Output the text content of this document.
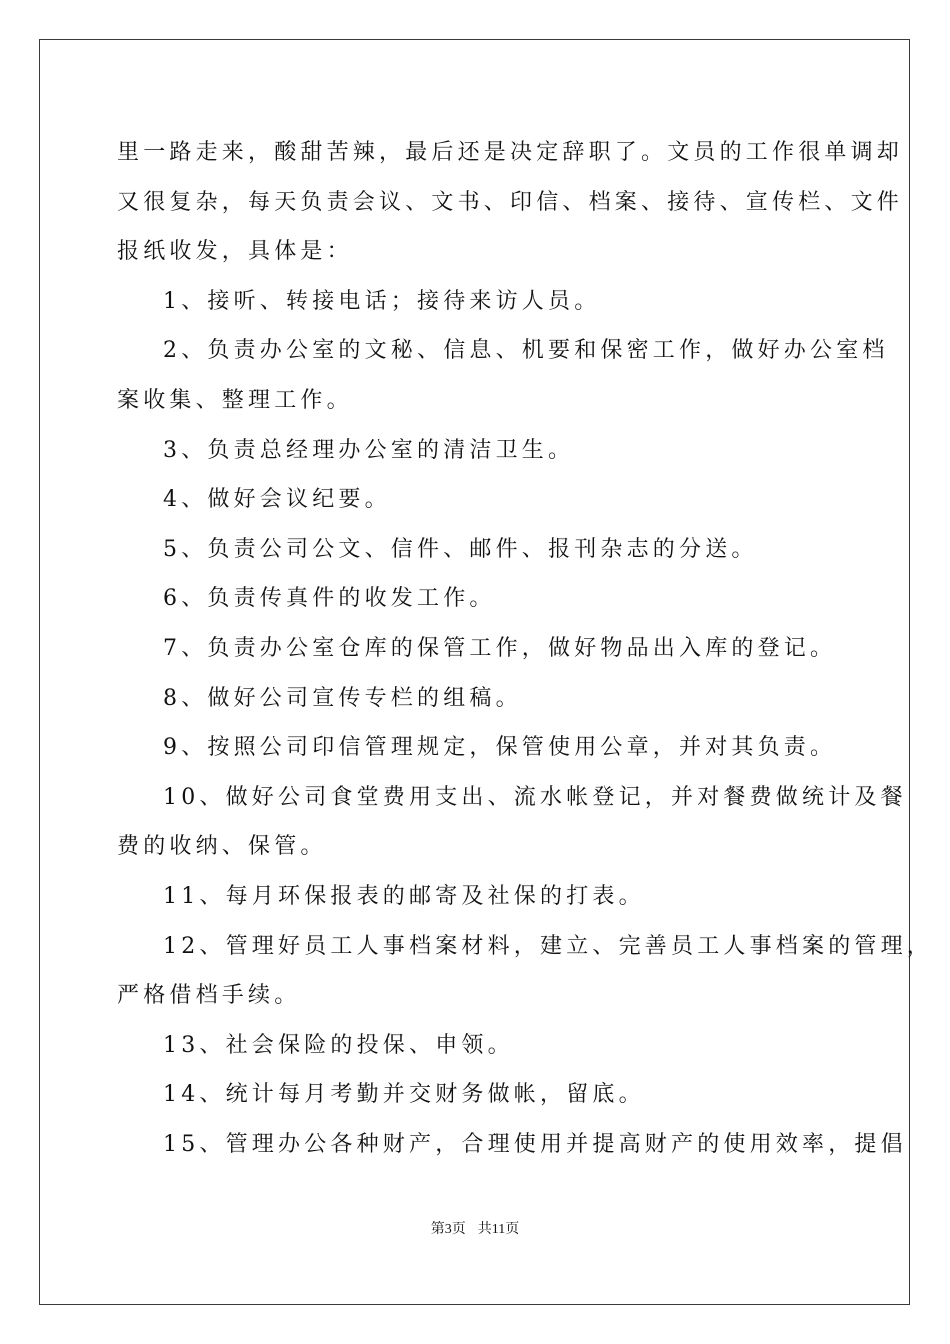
里一路走来，酸甜苦辣，最后还是决定辞职了。文员的工作很单调却

又很复杂，每天负责会议、文书、印信、档案、接待、宣传栏、文件

报纸收发，具体是：

1、接听、转接电话；接待来访人员。

2、负责办公室的文秘、信息、机要和保密工作，做好办公室档

案收集、整理工作。

3、负责总经理办公室的清洁卫生。

4、做好会议纪要。

5、负责公司公文、信件、邮件、报刊杂志的分送。

6、负责传真件的收发工作。

7、负责办公室仓库的保管工作，做好物品出入库的登记。

8、做好公司宣传专栏的组稿。

9、按照公司印信管理规定，保管使用公章，并对其负责。

10、做好公司食堂费用支出、流水帐登记，并对餐费做统计及餐

费的收纳、保管。

11、每月环保报表的邮寄及社保的打表。

12、管理好员工人事档案材料，建立、完善员工人事档案的管理，

严格借档手续。

13、社会保险的投保、申领。

14、统计每月考勤并交财务做帐，留底。

15、管理办公各种财产，合理使用并提高财产的使用效率，提倡

第3页 共11页
